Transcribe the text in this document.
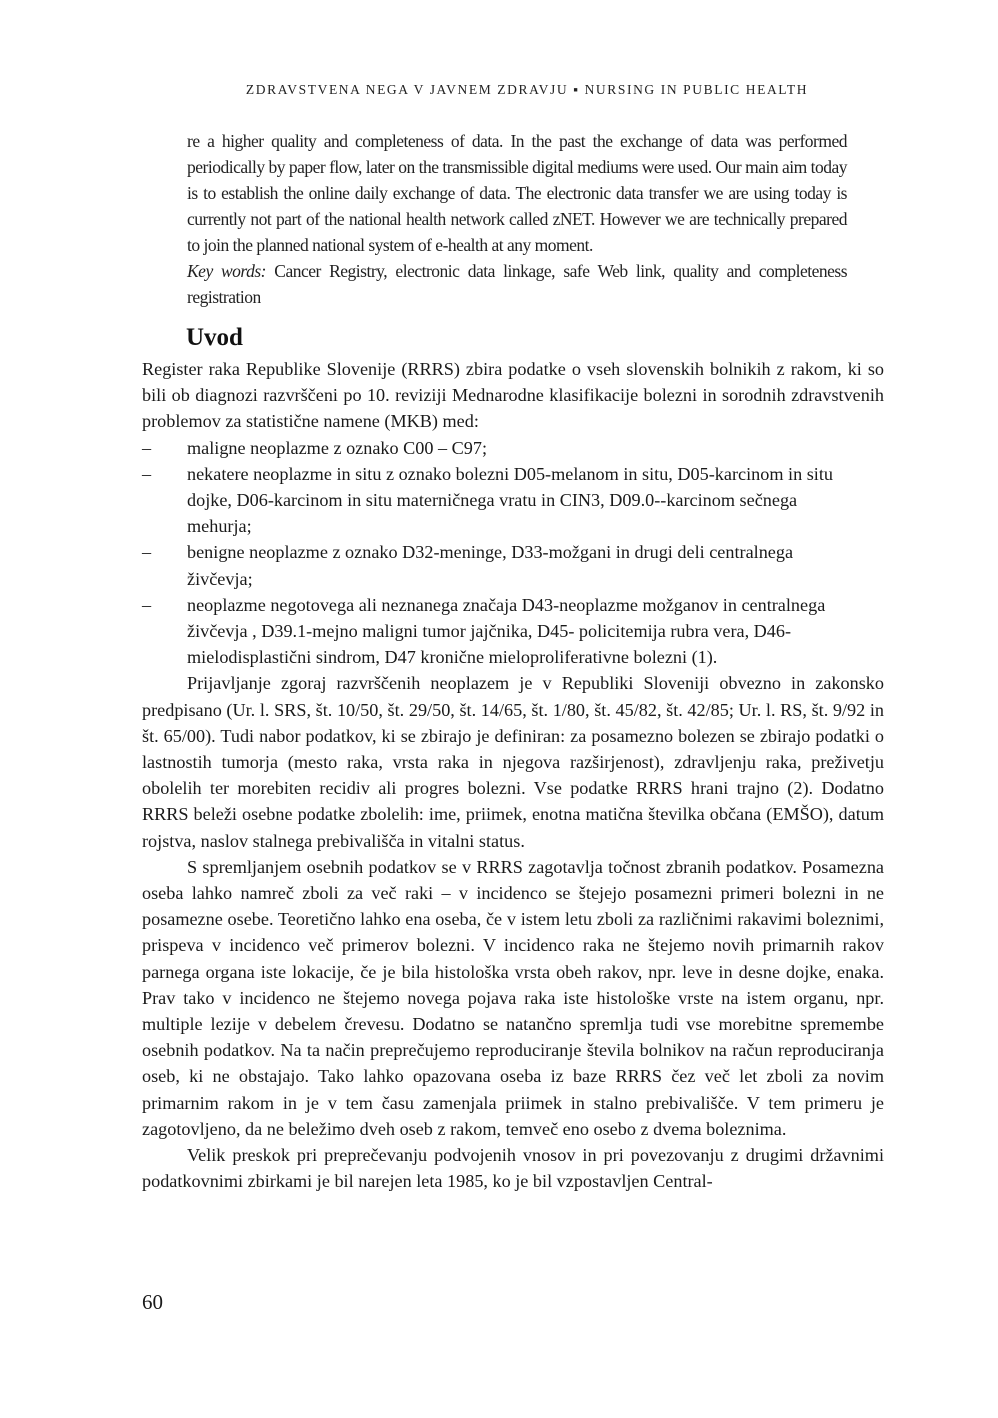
ZDRAVSTVENA NEGA V JAVNEM ZDRAVJU ▪ NURSING IN PUBLIC HEALTH

re a higher quality and completeness of data. In the past the exchange of data was performed periodically by paper flow, later on the transmissible digital mediums were used. Our main aim today is to establish the online daily exchange of data. The electronic data transfer we are using today is currently not part of the national health network called zNET. However we are technically prepared to join the planned national system of e-health at any moment.

Key words: Cancer Registry, electronic data linkage, safe Web link, quality and completeness registration

Uvod

Register raka Republike Slovenije (RRRS) zbira podatke o vseh slovenskih bolnikih z rakom, ki so bili ob diagnozi razvrščeni po 10. reviziji Mednarodne klasifikacije bolezni in sorodnih zdravstvenih problemov za statistične namene (MKB) med:

– maligne neoplazme z oznako C00 – C97;
– nekatere neoplazme in situ z oznako bolezni D05-melanom in situ, D05-karcinom in situ dojke, D06-karcinom in situ materničnega vratu in CIN3, D09.0--karcinom sečnega mehurja;
– benigne neoplazme z oznako D32-meninge, D33-možgani in drugi deli centralnega živčevja;
– neoplazme negotovega ali neznanega značaja D43-neoplazme možganov in centralnega živčevja , D39.1-mejno maligni tumor jajčnika, D45- policitemija rubra vera, D46-mielodisplastični sindrom, D47 kronične mieloproliferativne bolezni (1).

Prijavljanje zgoraj razvrščenih neoplazem je v Republiki Sloveniji obvezno in zakonsko predpisano (Ur. l. SRS, št. 10/50, št. 29/50, št. 14/65, št. 1/80, št. 45/82, št. 42/85; Ur. l. RS, št. 9/92 in št. 65/00). Tudi nabor podatkov, ki se zbirajo je definiran: za posamezno bolezen se zbirajo podatki o lastnostih tumorja (mesto raka, vrsta raka in njegova razširjenost), zdravljenju raka, preživetju obolelih ter morebiten recidiv ali progres bolezni. Vse podatke RRRS hrani trajno (2). Dodatno RRRS beleži osebne podatke zbolelih: ime, priimek, enotna matična številka občana (EMŠO), datum rojstva, naslov stalnega prebivališča in vitalni status.

S spremljanjem osebnih podatkov se v RRRS zagotavlja točnost zbranih podatkov. Posamezna oseba lahko namreč zboli za več raki – v incidenco se štejejo posamezni primeri bolezni in ne posamezne osebe. Teoretično lahko ena oseba, če v istem letu zboli za različnimi rakavimi boleznimi, prispeva v incidenco več primerov bolezni. V incidenco raka ne štejemo novih primarnih rakov parnega organa iste lokacije, če je bila histološka vrsta obeh rakov, npr. leve in desne dojke, enaka. Prav tako v incidenco ne štejemo novega pojava raka iste histološke vrste na istem organu, npr. multiple lezije v debelem črevesu. Dodatno se natančno spremlja tudi vse morebitne spremembe osebnih podatkov. Na ta način preprečujemo reproduciranje števila bolnikov na račun reproduciranja oseb, ki ne obstajajo. Tako lahko opazovana oseba iz baze RRRS čez več let zboli za novim primarnim rakom in je v tem času zamenjala priimek in stalno prebivališče. V tem primeru je zagotovljeno, da ne beležimo dveh oseb z rakom, temveč eno osebo z dvema boleznima.

Velik preskok pri preprečevanju podvojenih vnosov in pri povezovanju z drugimi državnimi podatkovnimi zbirkami je bil narejen leta 1985, ko je bil vzpostavljen Central-

60
